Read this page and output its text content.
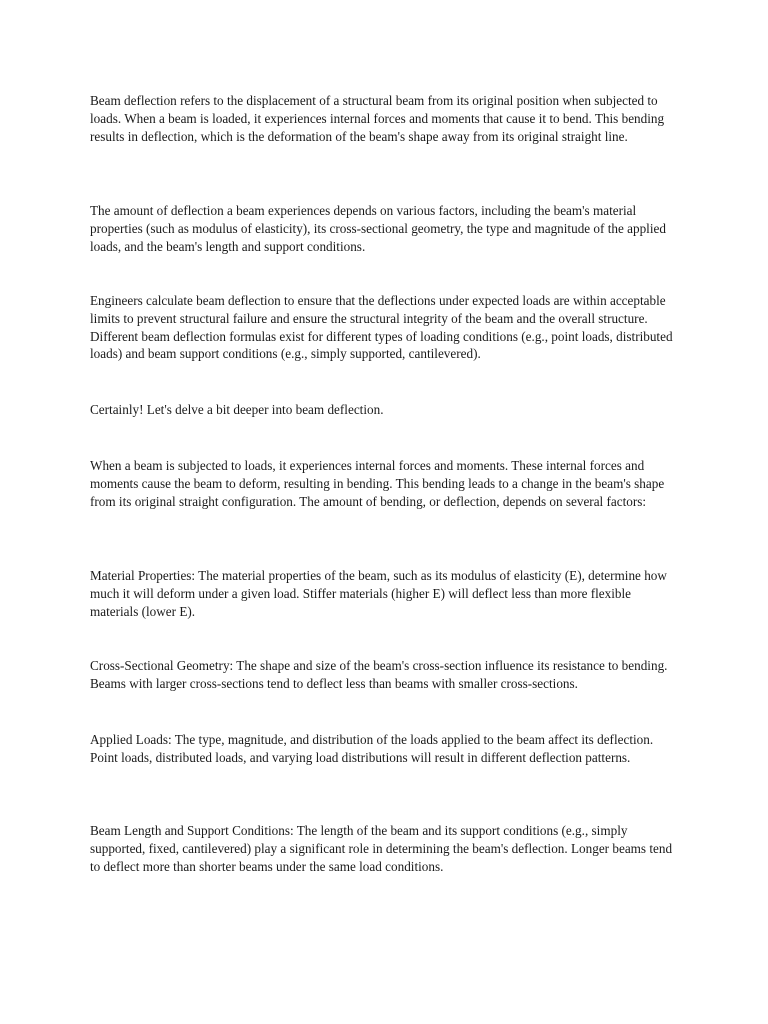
Beam deflection refers to the displacement of a structural beam from its original position when subjected to loads. When a beam is loaded, it experiences internal forces and moments that cause it to bend. This bending results in deflection, which is the deformation of the beam's shape away from its original straight line.

The amount of deflection a beam experiences depends on various factors, including the beam's material properties (such as modulus of elasticity), its cross-sectional geometry, the type and magnitude of the applied loads, and the beam's length and support conditions.

Engineers calculate beam deflection to ensure that the deflections under expected loads are within acceptable limits to prevent structural failure and ensure the structural integrity of the beam and the overall structure. Different beam deflection formulas exist for different types of loading conditions (e.g., point loads, distributed loads) and beam support conditions (e.g., simply supported, cantilevered).

Certainly! Let's delve a bit deeper into beam deflection.

When a beam is subjected to loads, it experiences internal forces and moments. These internal forces and moments cause the beam to deform, resulting in bending. This bending leads to a change in the beam's shape from its original straight configuration. The amount of bending, or deflection, depends on several factors:

Material Properties: The material properties of the beam, such as its modulus of elasticity (E), determine how much it will deform under a given load. Stiffer materials (higher E) will deflect less than more flexible materials (lower E).

Cross-Sectional Geometry: The shape and size of the beam's cross-section influence its resistance to bending. Beams with larger cross-sections tend to deflect less than beams with smaller cross-sections.

Applied Loads: The type, magnitude, and distribution of the loads applied to the beam affect its deflection. Point loads, distributed loads, and varying load distributions will result in different deflection patterns.

Beam Length and Support Conditions: The length of the beam and its support conditions (e.g., simply supported, fixed, cantilevered) play a significant role in determining the beam's deflection. Longer beams tend to deflect more than shorter beams under the same load conditions.
